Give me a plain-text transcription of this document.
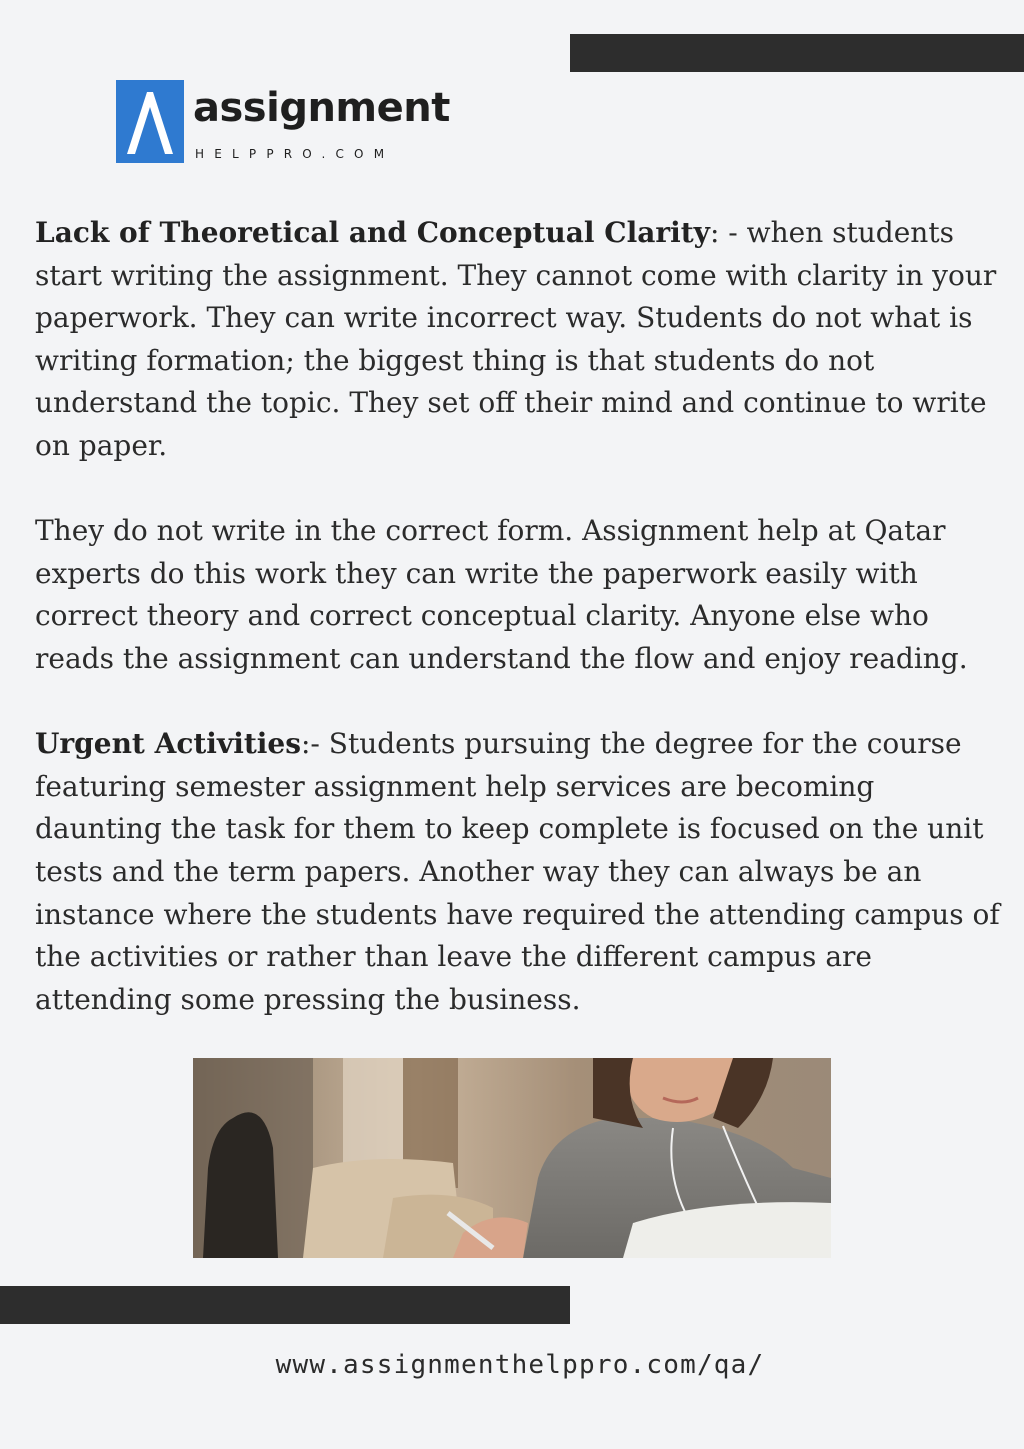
assignment
HELPPRO.COM

Lack of Theoretical and Conceptual Clarity: - when students start writing the assignment. They cannot come with clarity in your paperwork. They can write incorrect way. Students do not what is writing formation; the biggest thing is that students do not understand the topic. They set off their mind and continue to write on paper.

They do not write in the correct form. Assignment help at Qatar experts do this work they can write the paperwork easily with correct theory and correct conceptual clarity. Anyone else who reads the assignment can understand the flow and enjoy reading.

Urgent Activities:- Students pursuing the degree for the course featuring semester assignment help services are becoming daunting the task for them to keep complete is focused on the unit tests and the term papers. Another way they can always be an instance where the students have required the attending campus of the activities or rather than leave the different campus are attending some pressing the business.

www.assignmenthelppro.com/qa/
